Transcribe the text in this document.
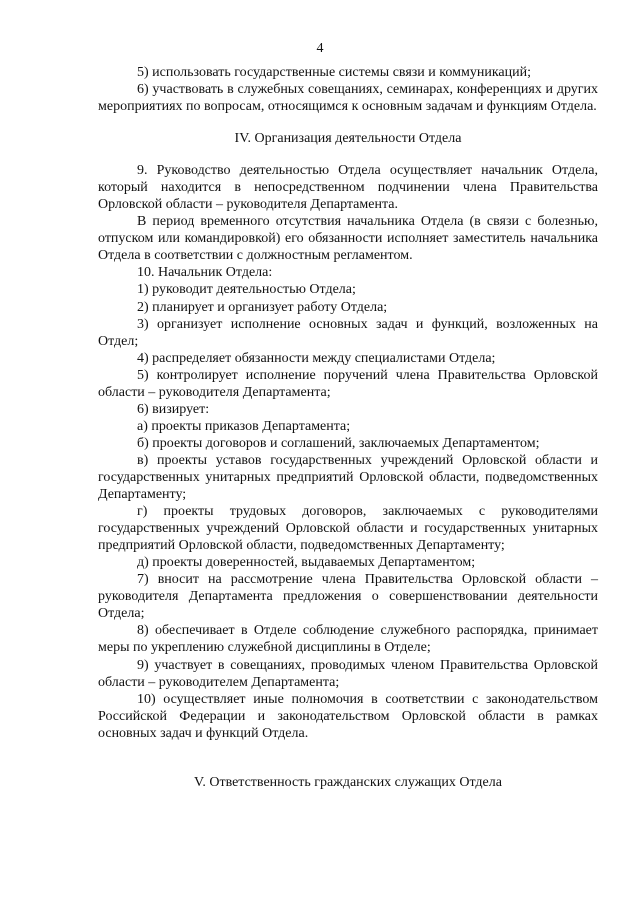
4

5) использовать государственные системы связи и коммуникаций;

6) участвовать в служебных совещаниях, семинарах, конференциях и других мероприятиях по вопросам, относящимся к основным задачам и функциям Отдела.

IV. Организация деятельности Отдела

9. Руководство деятельностью Отдела осуществляет начальник Отдела, который находится в непосредственном подчинении члена Правительства Орловской области – руководителя Департамента.

В период временного отсутствия начальника Отдела (в связи с болезнью, отпуском или командировкой) его обязанности исполняет заместитель начальника Отдела в соответствии с должностным регламентом.

10. Начальник Отдела:

1) руководит деятельностью Отдела;

2) планирует и организует работу Отдела;

3) организует исполнение основных задач и функций, возложенных на Отдел;

4) распределяет обязанности между специалистами Отдела;

5) контролирует исполнение поручений члена Правительства Орловской области – руководителя Департамента;

6) визирует:

а) проекты приказов Департамента;

б) проекты договоров и соглашений, заключаемых Департаментом;

в) проекты уставов государственных учреждений Орловской области и государственных унитарных предприятий Орловской области, подведомственных Департаменту;

г) проекты трудовых договоров, заключаемых с руководителями государственных учреждений Орловской области и государственных унитарных предприятий Орловской области, подведомственных Департаменту;

д) проекты доверенностей, выдаваемых Департаментом;

7) вносит на рассмотрение члена Правительства Орловской области – руководителя Департамента предложения о совершенствовании деятельности Отдела;

8) обеспечивает в Отделе соблюдение служебного распорядка, принимает меры по укреплению служебной дисциплины в Отделе;

9) участвует в совещаниях, проводимых членом Правительства Орловской области – руководителем Департамента;

10) осуществляет иные полномочия в соответствии с законодательством Российской Федерации и законодательством Орловской области в рамках основных задач и функций Отдела.

V. Ответственность гражданских служащих Отдела
